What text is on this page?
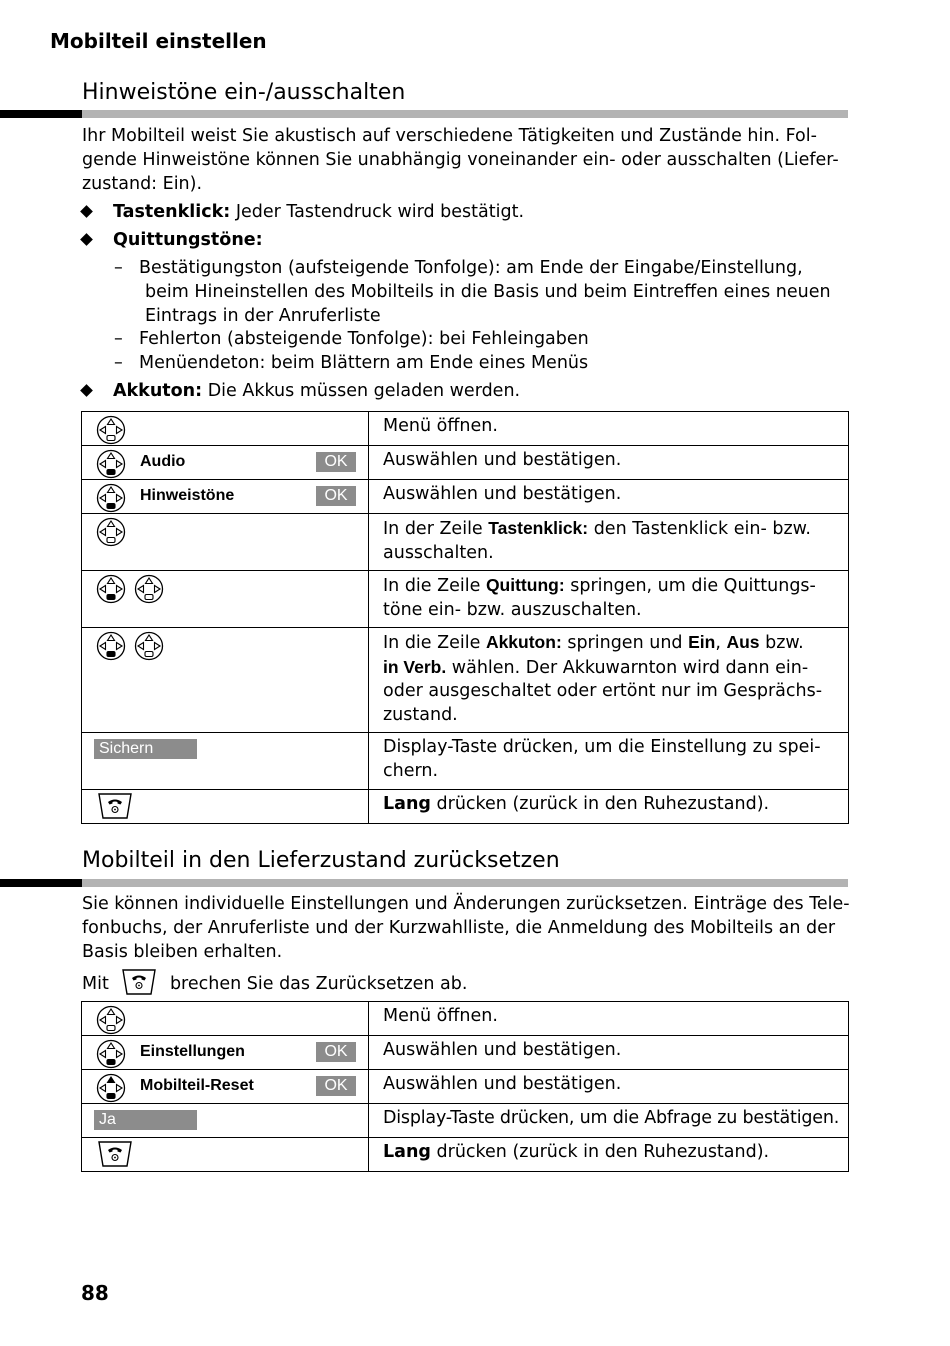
Mobilteil einstellen
Hinweistöne ein-/ausschalten

Ihr Mobilteil weist Sie akustisch auf verschiedene Tätigkeiten und Zustände hin. Fol-

gende Hinweistöne können Sie unabhängig voneinander ein- oder ausschalten (Liefer-

zustand: Ein).

Tastenklick: Jeder Tastendruck wird bestätigt.
Quittungstöne:
– Bestätigungston (aufsteigende Tonfolge): am Ende der Eingabe/Einstellung,
beim Hineinstellen des Mobilteils in die Basis und beim Eintreffen eines neuen
Eintrags in der Anruferliste
– Fehlerton (absteigende Tonfolge): bei Fehleingaben
– Menüendeton: beim Blättern am Ende eines Menüs
Akkuton: Die Akkus müssen geladen werden.
	Menü öffnen.

Audio OK	Auswählen und bestätigen.

Hinweistöne OK	Auswählen und bestätigen.

	In der Zeile Tastenklick: den Tastenklick ein- bzw.
ausschalten.

	In die Zeile Quittung: springen, um die Quittungs-
töne ein- bzw. auszuschalten.

	In die Zeile Akkuton: springen und Ein, Aus bzw.
in Verb. wählen. Der Akkuwarnton wird dann ein-
oder ausgeschaltet oder ertönt nur im Gesprächs-
zustand.

Sichern	Display-Taste drücken, um die Einstellung zu spei-
chern.

	Lang drücken (zurück in den Ruhezustand).
Mobilteil in den Lieferzustand zurücksetzen

Sie können individuelle Einstellungen und Änderungen zurücksetzen. Einträge des Tele-

fonbuchs, der Anruferliste und der Kurzwahlliste, die Anmeldung des Mobilteils an der

Basis bleiben erhalten.

Mit	brechen Sie das Zurücksetzen ab.
	Menü öffnen.

Einstellungen OK	Auswählen und bestätigen.

Mobilteil-Reset OK	Auswählen und bestätigen.

Ja	Display-Taste drücken, um die Abfrage zu bestätigen.

	Lang drücken (zurück in den Ruhezustand).
88
